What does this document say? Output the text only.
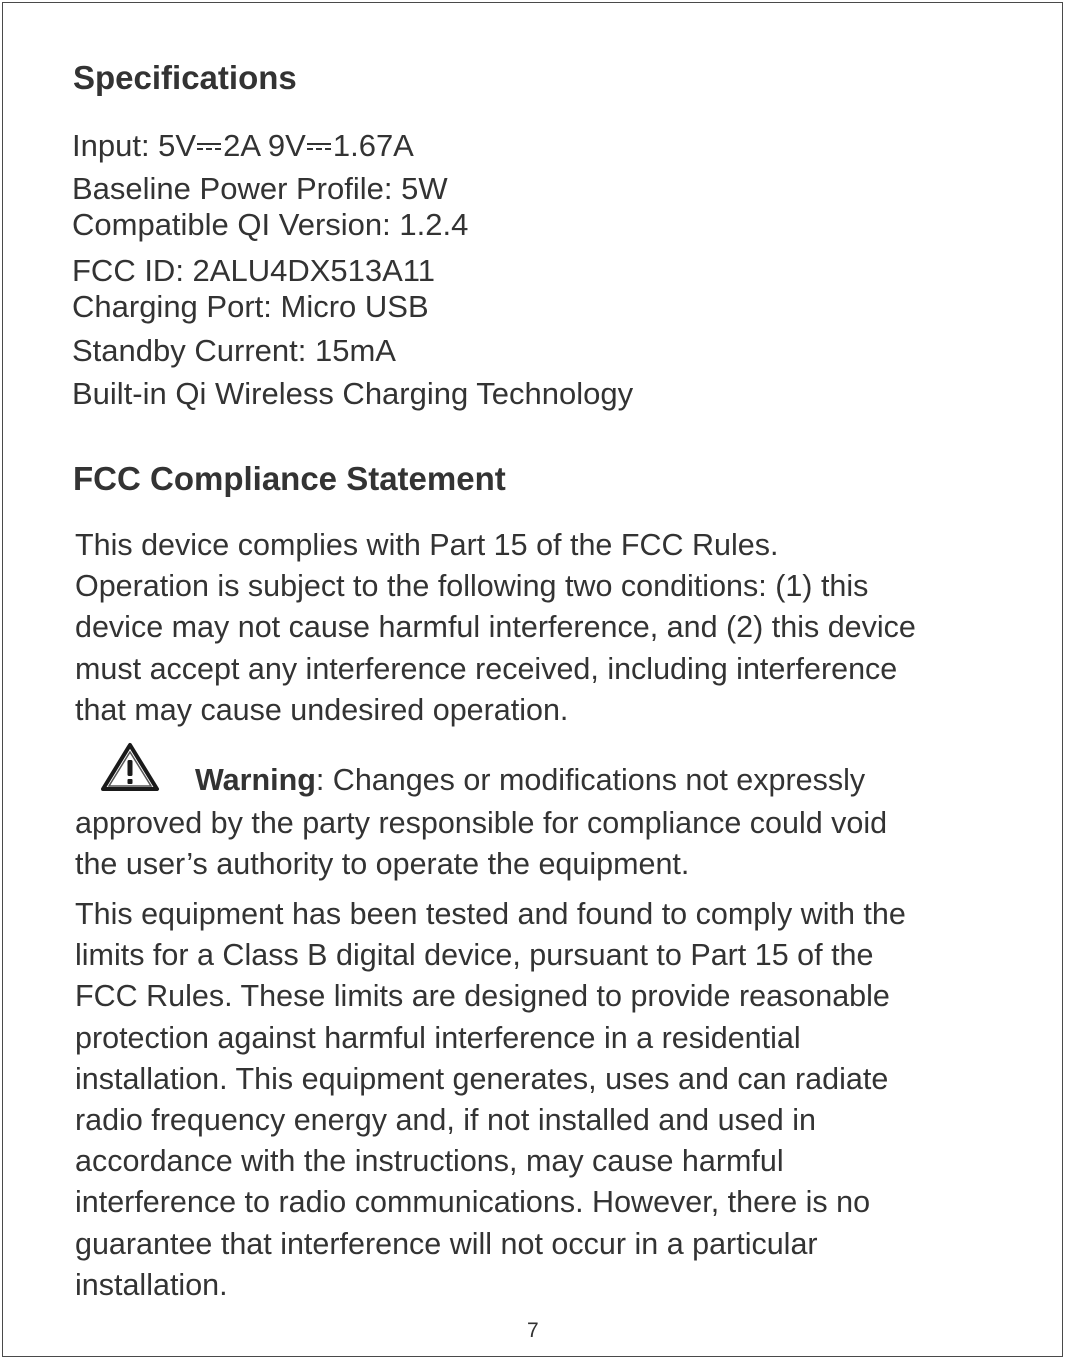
Specifications
Input: 5V 2A 9V 1.67A
Baseline Power Profile: 5W
Compatible QI Version: 1.2.4
FCC ID: 2ALU4DX513A11
Charging Port: Micro USB
Standby Current: 15mA
Built-in Qi Wireless Charging Technology
FCC Compliance Statement
This device complies with Part 15 of the FCC Rules.
Operation is subject to the following two conditions: (1) this
device may not cause harmful interference, and (2) this device
must accept any interference received, including interference
that may cause undesired operation.
Warning: Changes or modifications not expressly
approved by the party responsible for compliance could void
the user’s authority to operate the equipment.
This equipment has been tested and found to comply with the
limits for a Class B digital device, pursuant to Part 15 of the
FCC Rules. These limits are designed to provide reasonable
protection against harmful interference in a residential
installation. This equipment generates, uses and can radiate
radio frequency energy and, if not installed and used in
accordance with the instructions, may cause harmful
interference to radio communications. However, there is no
guarantee that interference will not occur in a particular
installation.
7
